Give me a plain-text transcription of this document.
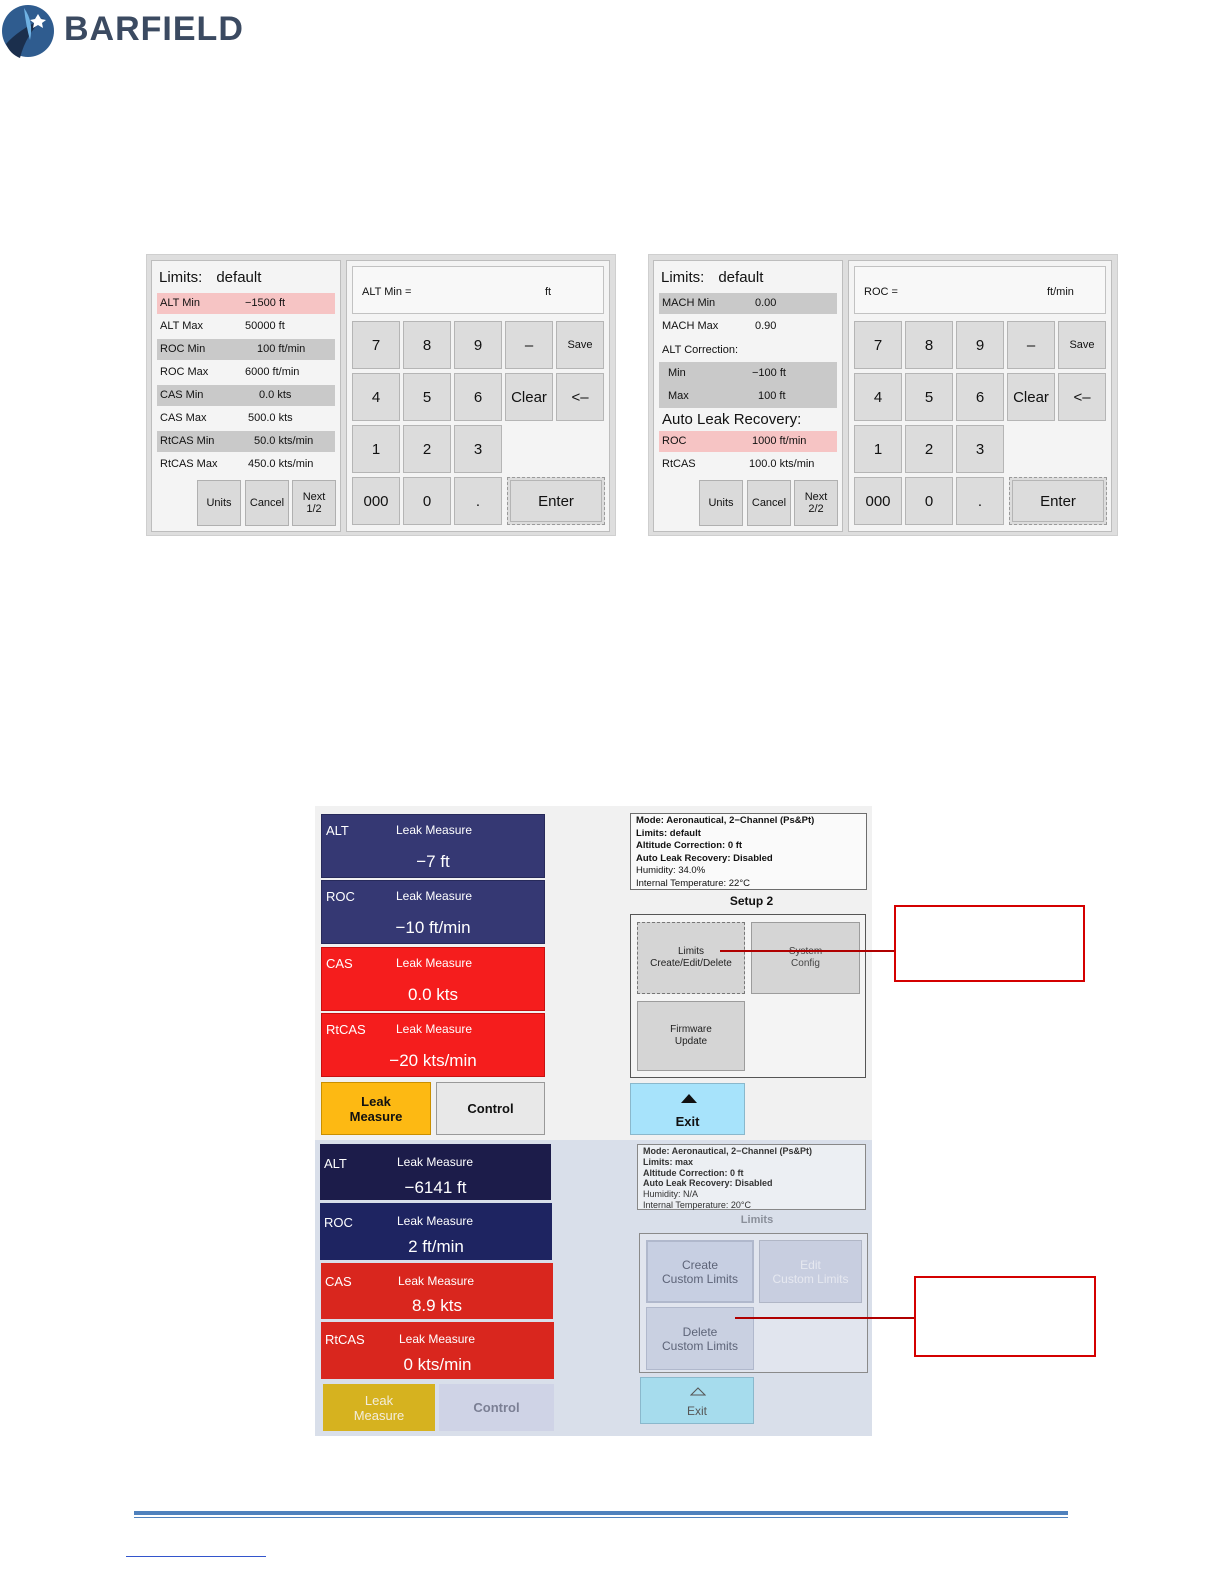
BARFIELD
Limits: default
ALT Min	−1500 ft
ALT Max	50000 ft
ROC Min	100 ft/min
ROC Max	6000 ft/min
CAS Min	0.0 kts
CAS Max	500.0 kts
RtCAS Min	50.0 kts/min
RtCAS Max	450.0 kts/min
Units Cancel Next
1/2
ALT Min =	ft
7	8	9	–	Save
4	5	6	Clear	<–
1	2	3
000	0	.	Enter
Limits: default
MACH Min	0.00
MACH Max	0.90
ALT Correction:
Min	−100 ft
Max	100 ft
Auto Leak Recovery:
ROC	1000 ft/min
RtCAS	100.0 kts/min
Units Cancel Next
2/2
ROC =	ft/min
7	8	9	–	Save
4	5	6	Clear	<–
1	2	3
000	0	.	Enter
ALT	Leak Measure
−7 ft
ROC	Leak Measure
−10 ft/min
CAS	Leak Measure
0.0 kts
RtCAS	Leak Measure
−20 kts/min
Leak
Measure	Control
Mode: Aeronautical, 2−Channel (Ps&Pt)
Limits: default
Altitude Correction: 0 ft
Auto Leak Recovery: Disabled
Humidity: 34.0%
Internal Temperature: 22°C
Setup 2
Limits
Create/Edit/Delete	Config
Firmware
Update
Exit
ALT	Leak Measure
−6141 ft
ROC	Leak Measure
2 ft/min
CAS	Leak Measure
8.9 kts
RtCAS	Leak Measure
0 kts/min
Leak
Measure	Control
Mode: Aeronautical, 2−Channel (Ps&Pt)
Limits: max
Altitude Correction: 0 ft
Auto Leak Recovery: Disabled
Humidity: N/A
Internal Temperature: 20°C
Limits
Create
Custom Limits
Edit
Custom Limits
Delete
Custom Limits
Exit
